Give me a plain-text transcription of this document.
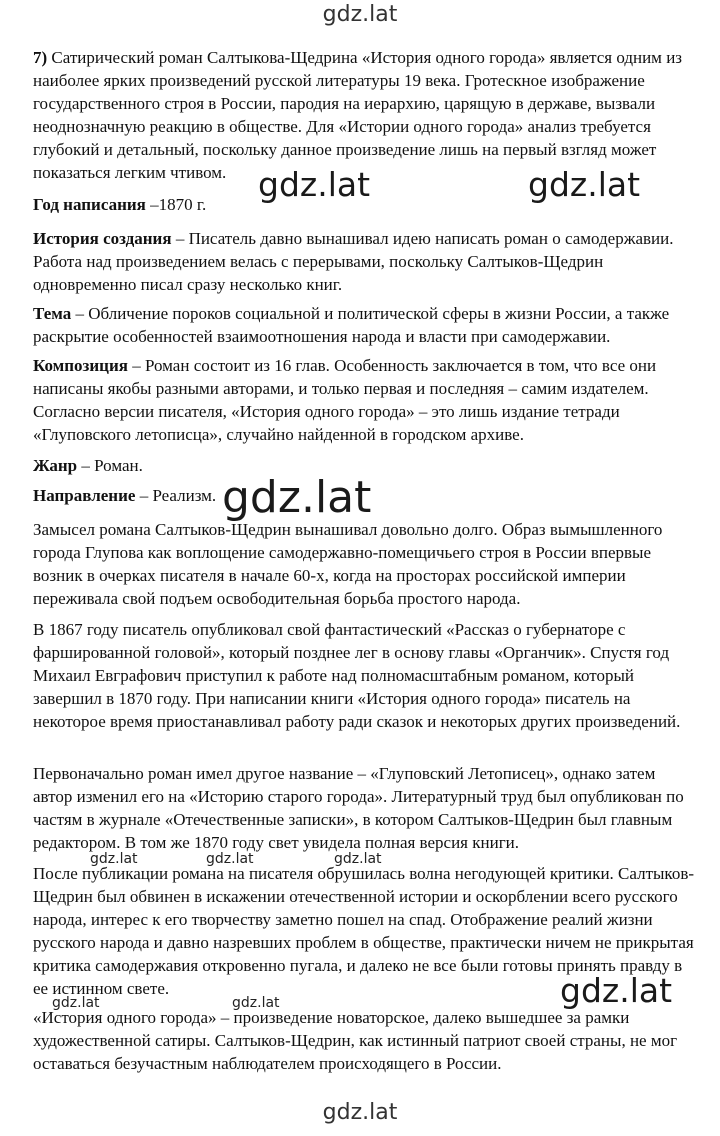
gdz.lat

7) Сатирический роман Салтыкова-Щедрина «История одного города» является одним из наиболее ярких произведений русской литературы 19 века. Гротескное изображение государственного строя в России, пародия на иерархию, царящую в державе, вызвали неоднозначную реакцию в обществе. Для «Истории одного города» анализ требуется глубокий и детальный, поскольку данное произведение лишь на первый взгляд может показаться легким чтивом.

Год написания –1870 г.

История создания – Писатель давно вынашивал идею написать роман о самодержавии. Работа над произведением велась с перерывами, поскольку Салтыков-Щедрин одновременно писал сразу несколько книг.

Тема – Обличение пороков социальной и политической сферы в жизни России, а также раскрытие особенностей взаимоотношения народа и власти при самодержавии.

Композиция – Роман состоит из 16 глав. Особенность заключается в том, что все они написаны якобы разными авторами, и только первая и последняя – самим издателем. Согласно версии писателя, «История одного города» – это лишь издание тетради «Глуповского летописца», случайно найденной в городском архиве.

Жанр – Роман.

Направление – Реализм.

Замысел романа Салтыков-Щедрин вынашивал довольно долго. Образ вымышленного города Глупова как воплощение самодержавно-помещичьего строя в России впервые возник в очерках писателя в начале 60-х, когда на просторах российской империи переживала свой подъем освободительная борьба простого народа.

В 1867 году писатель опубликовал свой фантастический «Рассказ о губернаторе с фаршированной головой», который позднее лег в основу главы «Органчик». Спустя год Михаил Евграфович приступил к работе над полномасштабным романом, который завершил в 1870 году. При написании книги «История одного города» писатель на некоторое время приостанавливал работу ради сказок и некоторых других произведений.

Первоначально роман имел другое название – «Глуповский Летописец», однако затем автор изменил его на «Историю старого города». Литературный труд был опубликован по частям в журнале «Отечественные записки», в котором Салтыков-Щедрин был главным редактором. В том же 1870 году свет увидела полная версия книги.

После публикации романа на писателя обрушилась волна негодующей критики. Салтыков-Щедрин был обвинен в искажении отечественной истории и оскорблении всего русского народа, интерес к его творчеству заметно пошел на спад. Отображение реалий жизни русского народа и давно назревших проблем в обществе, практически ничем не прикрытая критика самодержавия откровенно пугала, и далеко не все были готовы принять правду в ее истинном свете.

«История одного города» – произведение новаторское, далеко вышедшее за рамки художественной сатиры. Салтыков-Щедрин, как истинный патриот своей страны, не мог оставаться безучастным наблюдателем происходящего в России.

gdz.lat	gdz.lat
gdz.lat
gdz.lat
gdz.lat	gdz.lat	gdz.lat
gdz.lat	gdz.lat
gdz.lat
